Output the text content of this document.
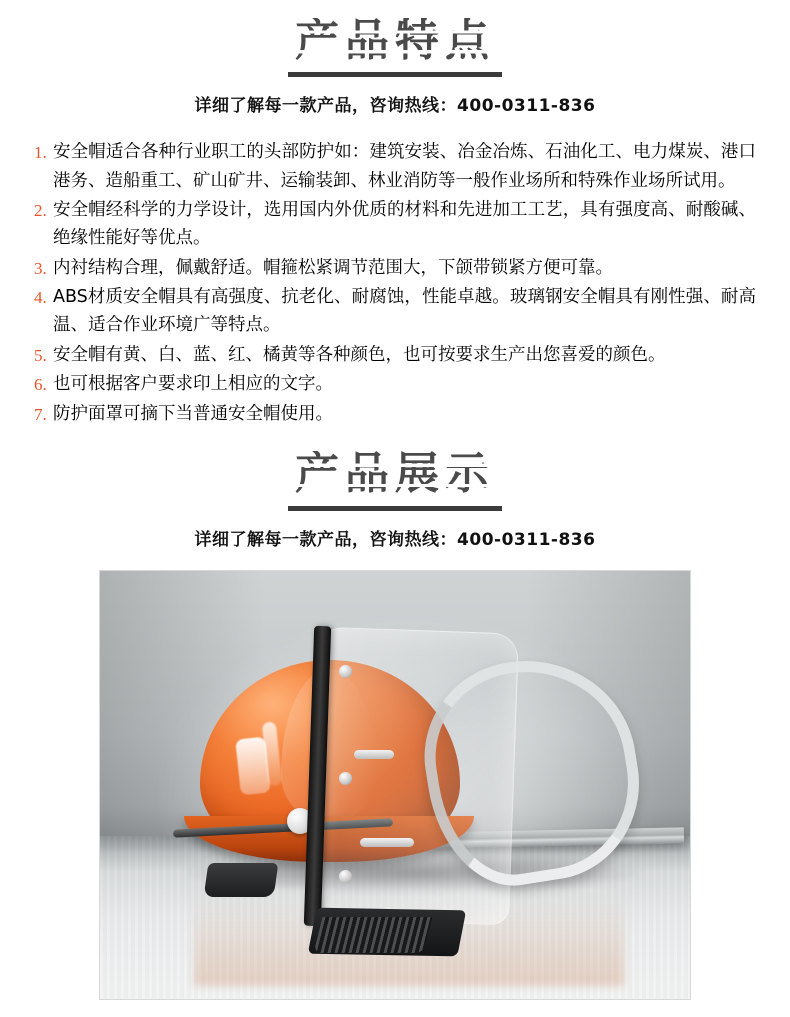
产品特点
详细了解每一款产品，咨询热线：400-0311-836
1. 安全帽适合各种行业职工的头部防护如：建筑安装、冶金冶炼、石油化工、电力煤炭、港口港务、造船重工、矿山矿井、运输装卸、林业消防等一般作业场所和特殊作业场所试用。
2. 安全帽经科学的力学设计，选用国内外优质的材料和先进加工工艺，具有强度高、耐酸碱、绝缘性能好等优点。
3. 内衬结构合理，佩戴舒适。帽箍松紧调节范围大，下颌带锁紧方便可靠。
4. ABS材质安全帽具有高强度、抗老化、耐腐蚀，性能卓越。玻璃钢安全帽具有刚性强、耐高温、适合作业环境广等特点。
5. 安全帽有黄、白、蓝、红、橘黄等各种颜色，也可按要求生产出您喜爱的颜色。
6. 也可根据客户要求印上相应的文字。
7. 防护面罩可摘下当普通安全帽使用。
产品展示
详细了解每一款产品，咨询热线：400-0311-836
